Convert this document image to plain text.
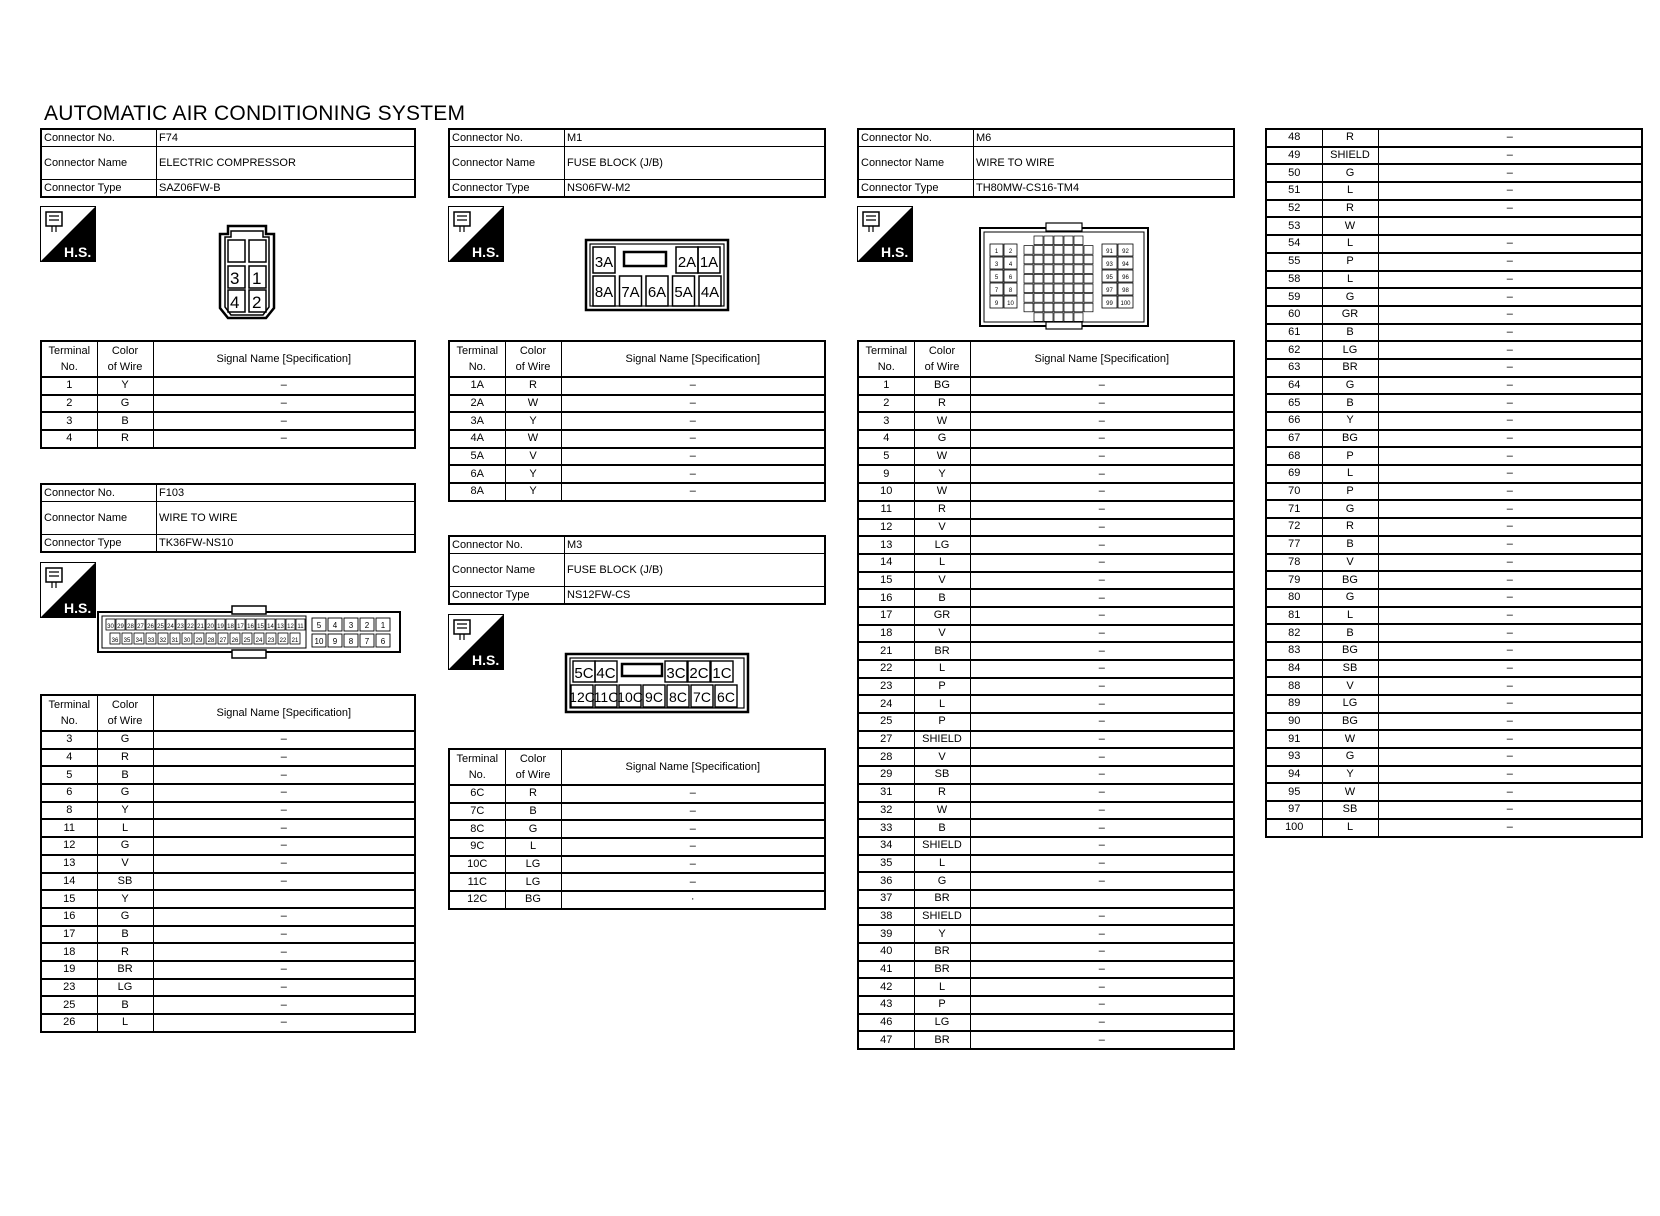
AUTOMATIC AIR CONDITIONING SYSTEM
Connector No.	F74
Connector Name	ELECTRIC COMPRESSOR
Connector Type	SAZ06FW-B
H.S.
3 1
4 2
Terminal
No.	Color
of Wire	Signal Name [Specification]
1	Y	–
2	G	–
3	B	–
4	R	–
Connector No.	F103
Connector Name	WIRE TO WIRE
Connector Type	TK36FW-NS10
H.S.
30 29 28 27 26 25 24 23 22 21 20 19 18 17 16 15 14 13 12 11
36 35 34 33 32 31 30 29 28 27 26 25 24 23 22 21
5 4 3 2 1
10 9 8 7 6
Terminal
No.	Color
of Wire	Signal Name [Specification]
3	G	–
4	R	–
5	B	–
6	G	–
8	Y	–
11	L	–
12	G	–
13	V	–
14	SB	–
15	Y	
16	G	–
17	B	–
18	R	–
19	BR	–
23	LG	–
25	B	–
26	L	–
Connector No.	M1
Connector Name	FUSE BLOCK (J/B)
Connector Type	NS06FW-M2
H.S.
3A	2A 1A
8A 7A 6A 5A 4A
Terminal
No.	Color
of Wire	Signal Name [Specification]
1A	R	–
2A	W	–
3A	Y	–
4A	W	–
5A	V	–
6A	Y	–
8A	Y	–
Connector No.	M3
Connector Name	FUSE BLOCK (J/B)
Connector Type	NS12FW-CS
H.S.
5C 4C	3C 2C 1C
12C
11C
10C 9C 8C 7C 6C
Terminal
No.	Color
of Wire	Signal Name [Specification]
6C	R	–
7C	B	–
8C	G	–
9C	L	–
10C	LG	–
11C	LG	–
12C	BG	·
Connector No.	M6
Connector Name	WIRE TO WIRE
Connector Type	TH80MW-CS16-TM4
H.S.	1 2
3 4
5 6
7 8
9 10
91 92
93 94
95 96
97 98
99 100
Terminal
No.	Color
of Wire	Signal Name [Specification]
1	BG	–
2	R	–
3	W	–
4	G	–
5	W	–
9	Y	–
10	W	–
11	R	–
12	V	–
13	LG	–
14	L	–
15	V	–
16	B	–
17	GR	–
18	V	–
21	BR	–
22	L	–
23	P	–
24	L	–
25	P	–
27	SHIELD	–
28	V	–
29	SB	–
31	R	–
32	W	–
33	B	–
34	SHIELD	–
35	L	–
36	G	–
37	BR	
38	SHIELD	–
39	Y	–
40	BR	–
41	BR	–
42	L	–
43	P	–
46	LG	–
47	BR	–
48	R	–
49	SHIELD	–
50	G	–
51	L	–
52	R	–
53	W	
54	L	–
55	P	–
58	L	–
59	G	–
60	GR	–
61	B	–
62	LG	–
63	BR	–
64	G	–
65	B	–
66	Y	–
67	BG	–
68	P	–
69	L	–
70	P	–
71	G	–
72	R	–
77	B	–
78	V	–
79	BG	–
80	G	–
81	L	–
82	B	–
83	BG	–
84	SB	–
88	V	–
89	LG	–
90	BG	–
91	W	–
93	G	–
94	Y	–
95	W	–
97	SB	–
100	L	–
